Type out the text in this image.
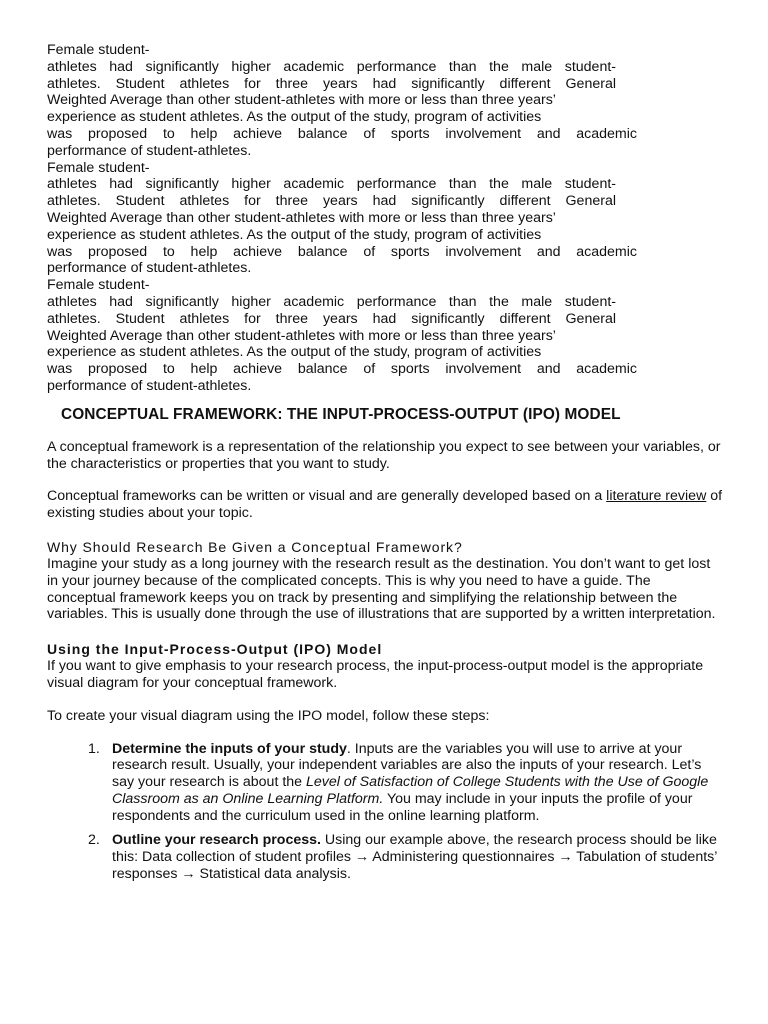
Female student-
athletes had significantly higher academic performance than the male student-
athletes. Student athletes for three years had significantly different General
Weighted Average than other student-athletes with more or less than three years’
experience as student athletes. As the output of the study, program of activities
was proposed to help achieve balance of sports involvement and academic
performance of student-athletes.
Female student-
athletes had significantly higher academic performance than the male student-
athletes. Student athletes for three years had significantly different General
Weighted Average than other student-athletes with more or less than three years’
experience as student athletes. As the output of the study, program of activities
was proposed to help achieve balance of sports involvement and academic
performance of student-athletes.
Female student-
athletes had significantly higher academic performance than the male student-
athletes. Student athletes for three years had significantly different General
Weighted Average than other student-athletes with more or less than three years’
experience as student athletes. As the output of the study, program of activities
was proposed to help achieve balance of sports involvement and academic
performance of student-athletes.
CONCEPTUAL FRAMEWORK: THE INPUT-PROCESS-OUTPUT (IPO) MODEL

A conceptual framework is a representation of the relationship you expect to see between your variables, or the characteristics or properties that you want to study.

Conceptual frameworks can be written or visual and are generally developed based on a literature review of existing studies about your topic.

Why Should Research Be Given a Conceptual Framework?

Imagine your study as a long journey with the research result as the destination. You don’t want to get lost in your journey because of the complicated concepts. This is why you need to have a guide. The conceptual framework keeps you on track by presenting and simplifying the relationship between the variables. This is usually done through the use of illustrations that are supported by a written interpretation.

Using the Input-Process-Output (IPO) Model

If you want to give emphasis to your research process, the input-process-output model is the appropriate visual diagram for your conceptual framework.

To create your visual diagram using the IPO model, follow these steps:

1. Determine the inputs of your study. Inputs are the variables you will use to arrive at your research result. Usually, your independent variables are also the inputs of your research. Let’s say your research is about the Level of Satisfaction of College Students with the Use of Google Classroom as an Online Learning Platform. You may include in your inputs the profile of your respondents and the curriculum used in the online learning platform.
2. Outline your research process. Using our example above, the research process should be like this: Data collection of student profiles → Administering questionnaires → Tabulation of students’ responses → Statistical data analysis.
